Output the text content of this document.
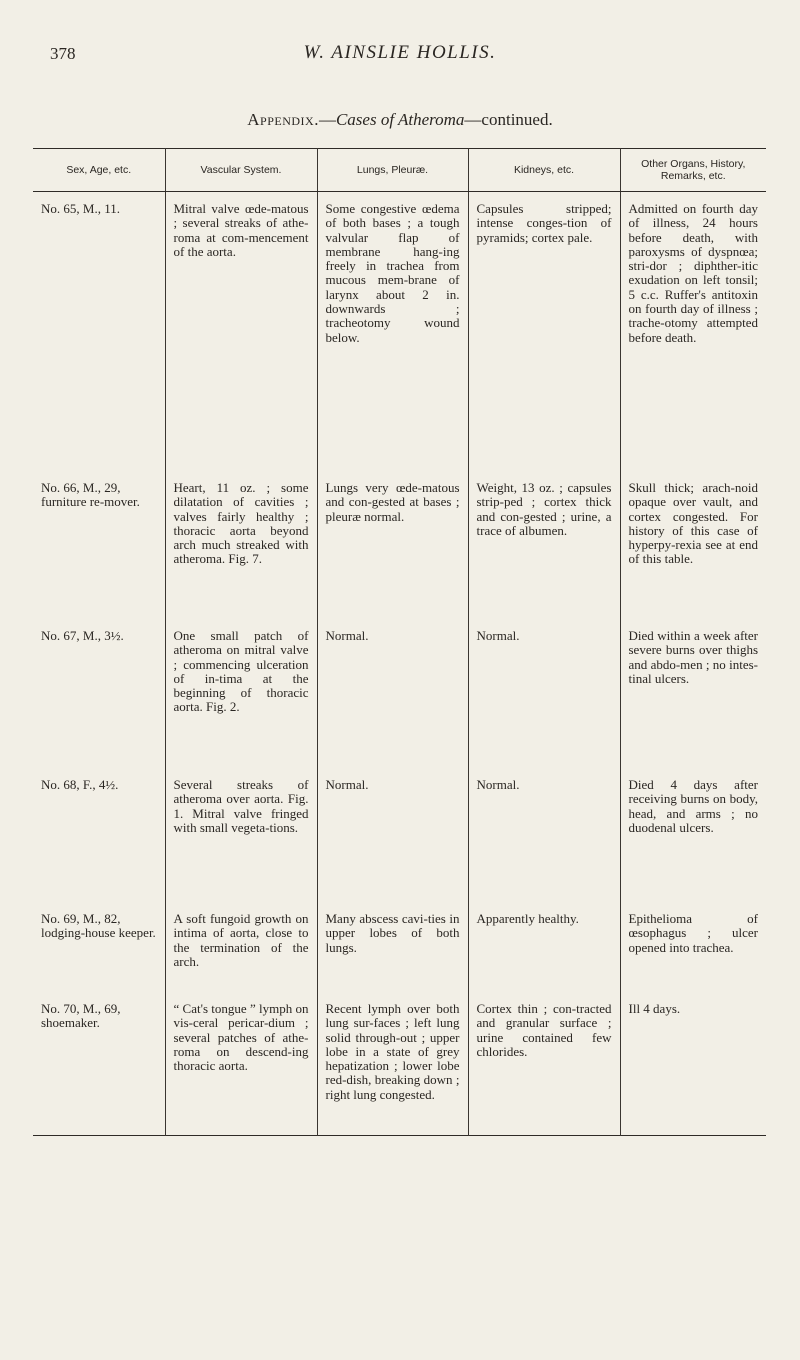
378	W. AINSLIE HOLLIS.
Appendix.—Cases of Atheroma—continued.
Sex, Age, etc.	Vascular System.	Lungs, Pleuræ.	Kidneys, etc.	Other Organs, History, Remarks, etc.
No. 65, M., 11.	Mitral valve œde-matous ; several streaks of athe-roma at com-mencement of the aorta.	Some congestive œdema of both bases ; a tough valvular flap of membrane hang-ing freely in trachea from mucous mem-brane of larynx about 2 in. downwards ; tracheotomy wound below.	Capsules stripped; intense conges-tion of pyramids; cortex pale.	Admitted on fourth day of illness, 24 hours before death, with paroxysms of dyspnœa; stri-dor ; diphther-itic exudation on left tonsil; 5 c.c. Ruffer's antitoxin on fourth day of illness ; trache-otomy attempted before death.
No. 66, M., 29, furniture re-mover.	Heart, 11 oz. ; some dilatation of cavities ; valves fairly healthy ; thoracic aorta beyond arch much streaked with atheroma. Fig. 7.	Lungs very œde-matous and con-gested at bases ; pleuræ normal.	Weight, 13 oz. ; capsules strip-ped ; cortex thick and con-gested ; urine, a trace of albumen.	Skull thick; arach-noid opaque over vault, and cortex congested. For history of this case of hyperpy-rexia see at end of this table.
No. 67, M., 3½.	One small patch of atheroma on mitral valve ; commencing ulceration of in-tima at the beginning of thoracic aorta. Fig. 2.	Normal.	Normal.	Died within a week after severe burns over thighs and abdo-men ; no intes-tinal ulcers.
No. 68, F., 4½.	Several streaks of atheroma over aorta. Fig. 1. Mitral valve fringed with small vegeta-tions.	Normal.	Normal.	Died 4 days after receiving burns on body, head, and arms ; no duodenal ulcers.
No. 69, M., 82, lodging-house keeper.	A soft fungoid growth on intima of aorta, close to the termination of the arch.	Many abscess cavi-ties in upper lobes of both lungs.	Apparently healthy.	Epithelioma of œsophagus ; ulcer opened into trachea.
No. 70, M., 69, shoemaker.	“ Cat's tongue ” lymph on vis-ceral pericar-dium ; several patches of athe-roma on descend-ing thoracic aorta.	Recent lymph over both lung sur-faces ; left lung solid through-out ; upper lobe in a state of grey hepatization ; lower lobe red-dish, breaking down ; right lung congested.	Cortex thin ; con-tracted and granular surface ; urine contained few chlorides.	Ill 4 days.
